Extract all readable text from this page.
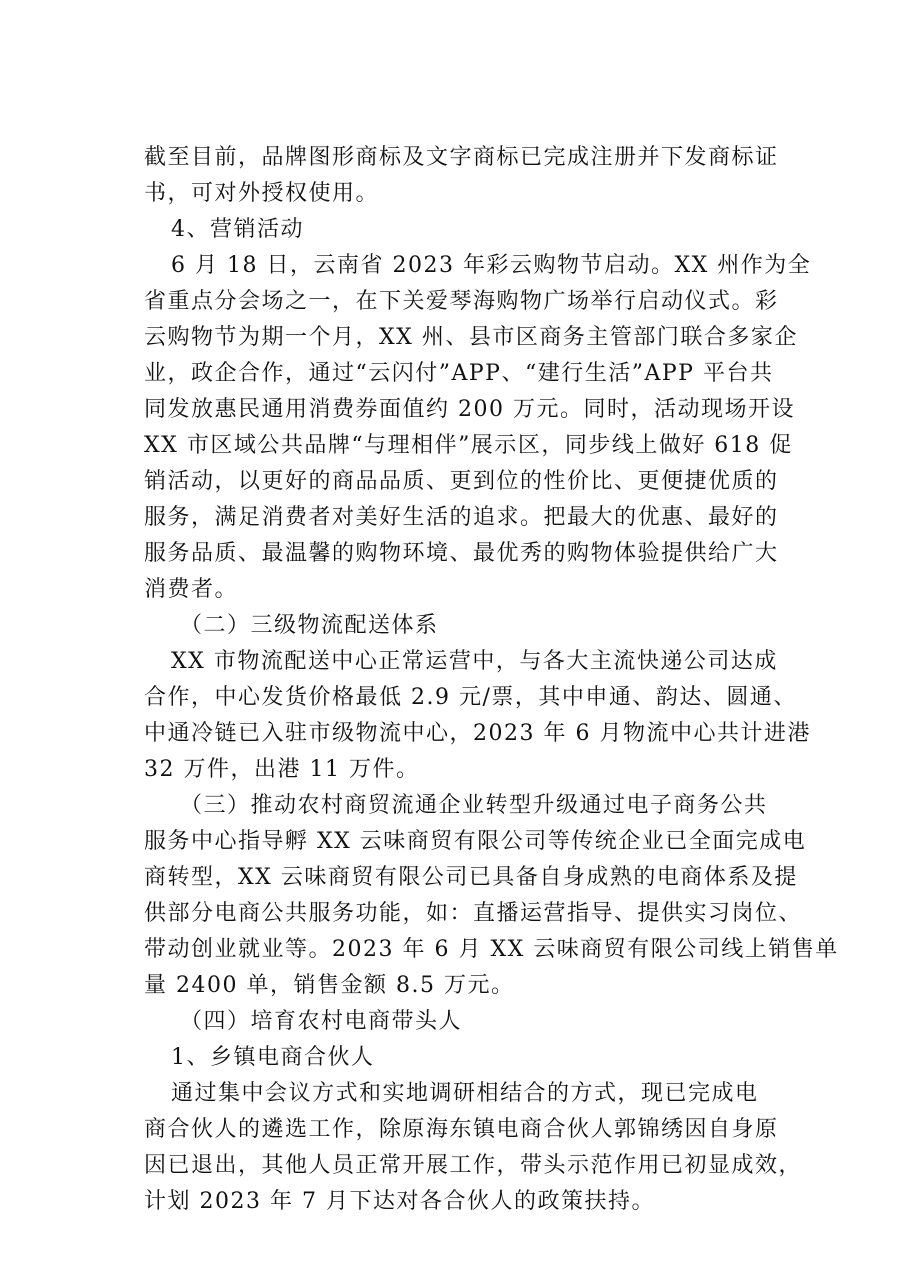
截至目前，品牌图形商标及文字商标已完成注册并下发商标证
书，可对外授权使用。
4、营销活动
6 月 18 日，云南省 2023 年彩云购物节启动。XX 州作为全
省重点分会场之一，在下关爱琴海购物广场举行启动仪式。彩
云购物节为期一个月，XX 州、县市区商务主管部门联合多家企
业，政企合作，通过“云闪付”APP、“建行生活”APP 平台共
同发放惠民通用消费券面值约 200 万元。同时，活动现场开设
XX 市区域公共品牌“与理相伴”展示区，同步线上做好 618 促
销活动，以更好的商品品质、更到位的性价比、更便捷优质的
服务，满足消费者对美好生活的追求。把最大的优惠、最好的
服务品质、最温馨的购物环境、最优秀的购物体验提供给广大
消费者。
（二）三级物流配送体系
XX 市物流配送中心正常运营中，与各大主流快递公司达成
合作，中心发货价格最低 2.9 元/票，其中申通、韵达、圆通、
中通冷链已入驻市级物流中心，2023 年 6 月物流中心共计进港
32 万件，出港 11 万件。
（三）推动农村商贸流通企业转型升级通过电子商务公共
服务中心指导孵 XX 云味商贸有限公司等传统企业已全面完成电
商转型，XX 云味商贸有限公司已具备自身成熟的电商体系及提
供部分电商公共服务功能，如：直播运营指导、提供实习岗位、
带动创业就业等。2023 年 6 月 XX 云味商贸有限公司线上销售单
量 2400 单，销售金额 8.5 万元。
（四）培育农村电商带头人
1、乡镇电商合伙人
通过集中会议方式和实地调研相结合的方式，现已完成电
商合伙人的遴选工作，除原海东镇电商合伙人郭锦绣因自身原
因已退出，其他人员正常开展工作，带头示范作用已初显成效，
计划 2023 年 7 月下达对各合伙人的政策扶持。
